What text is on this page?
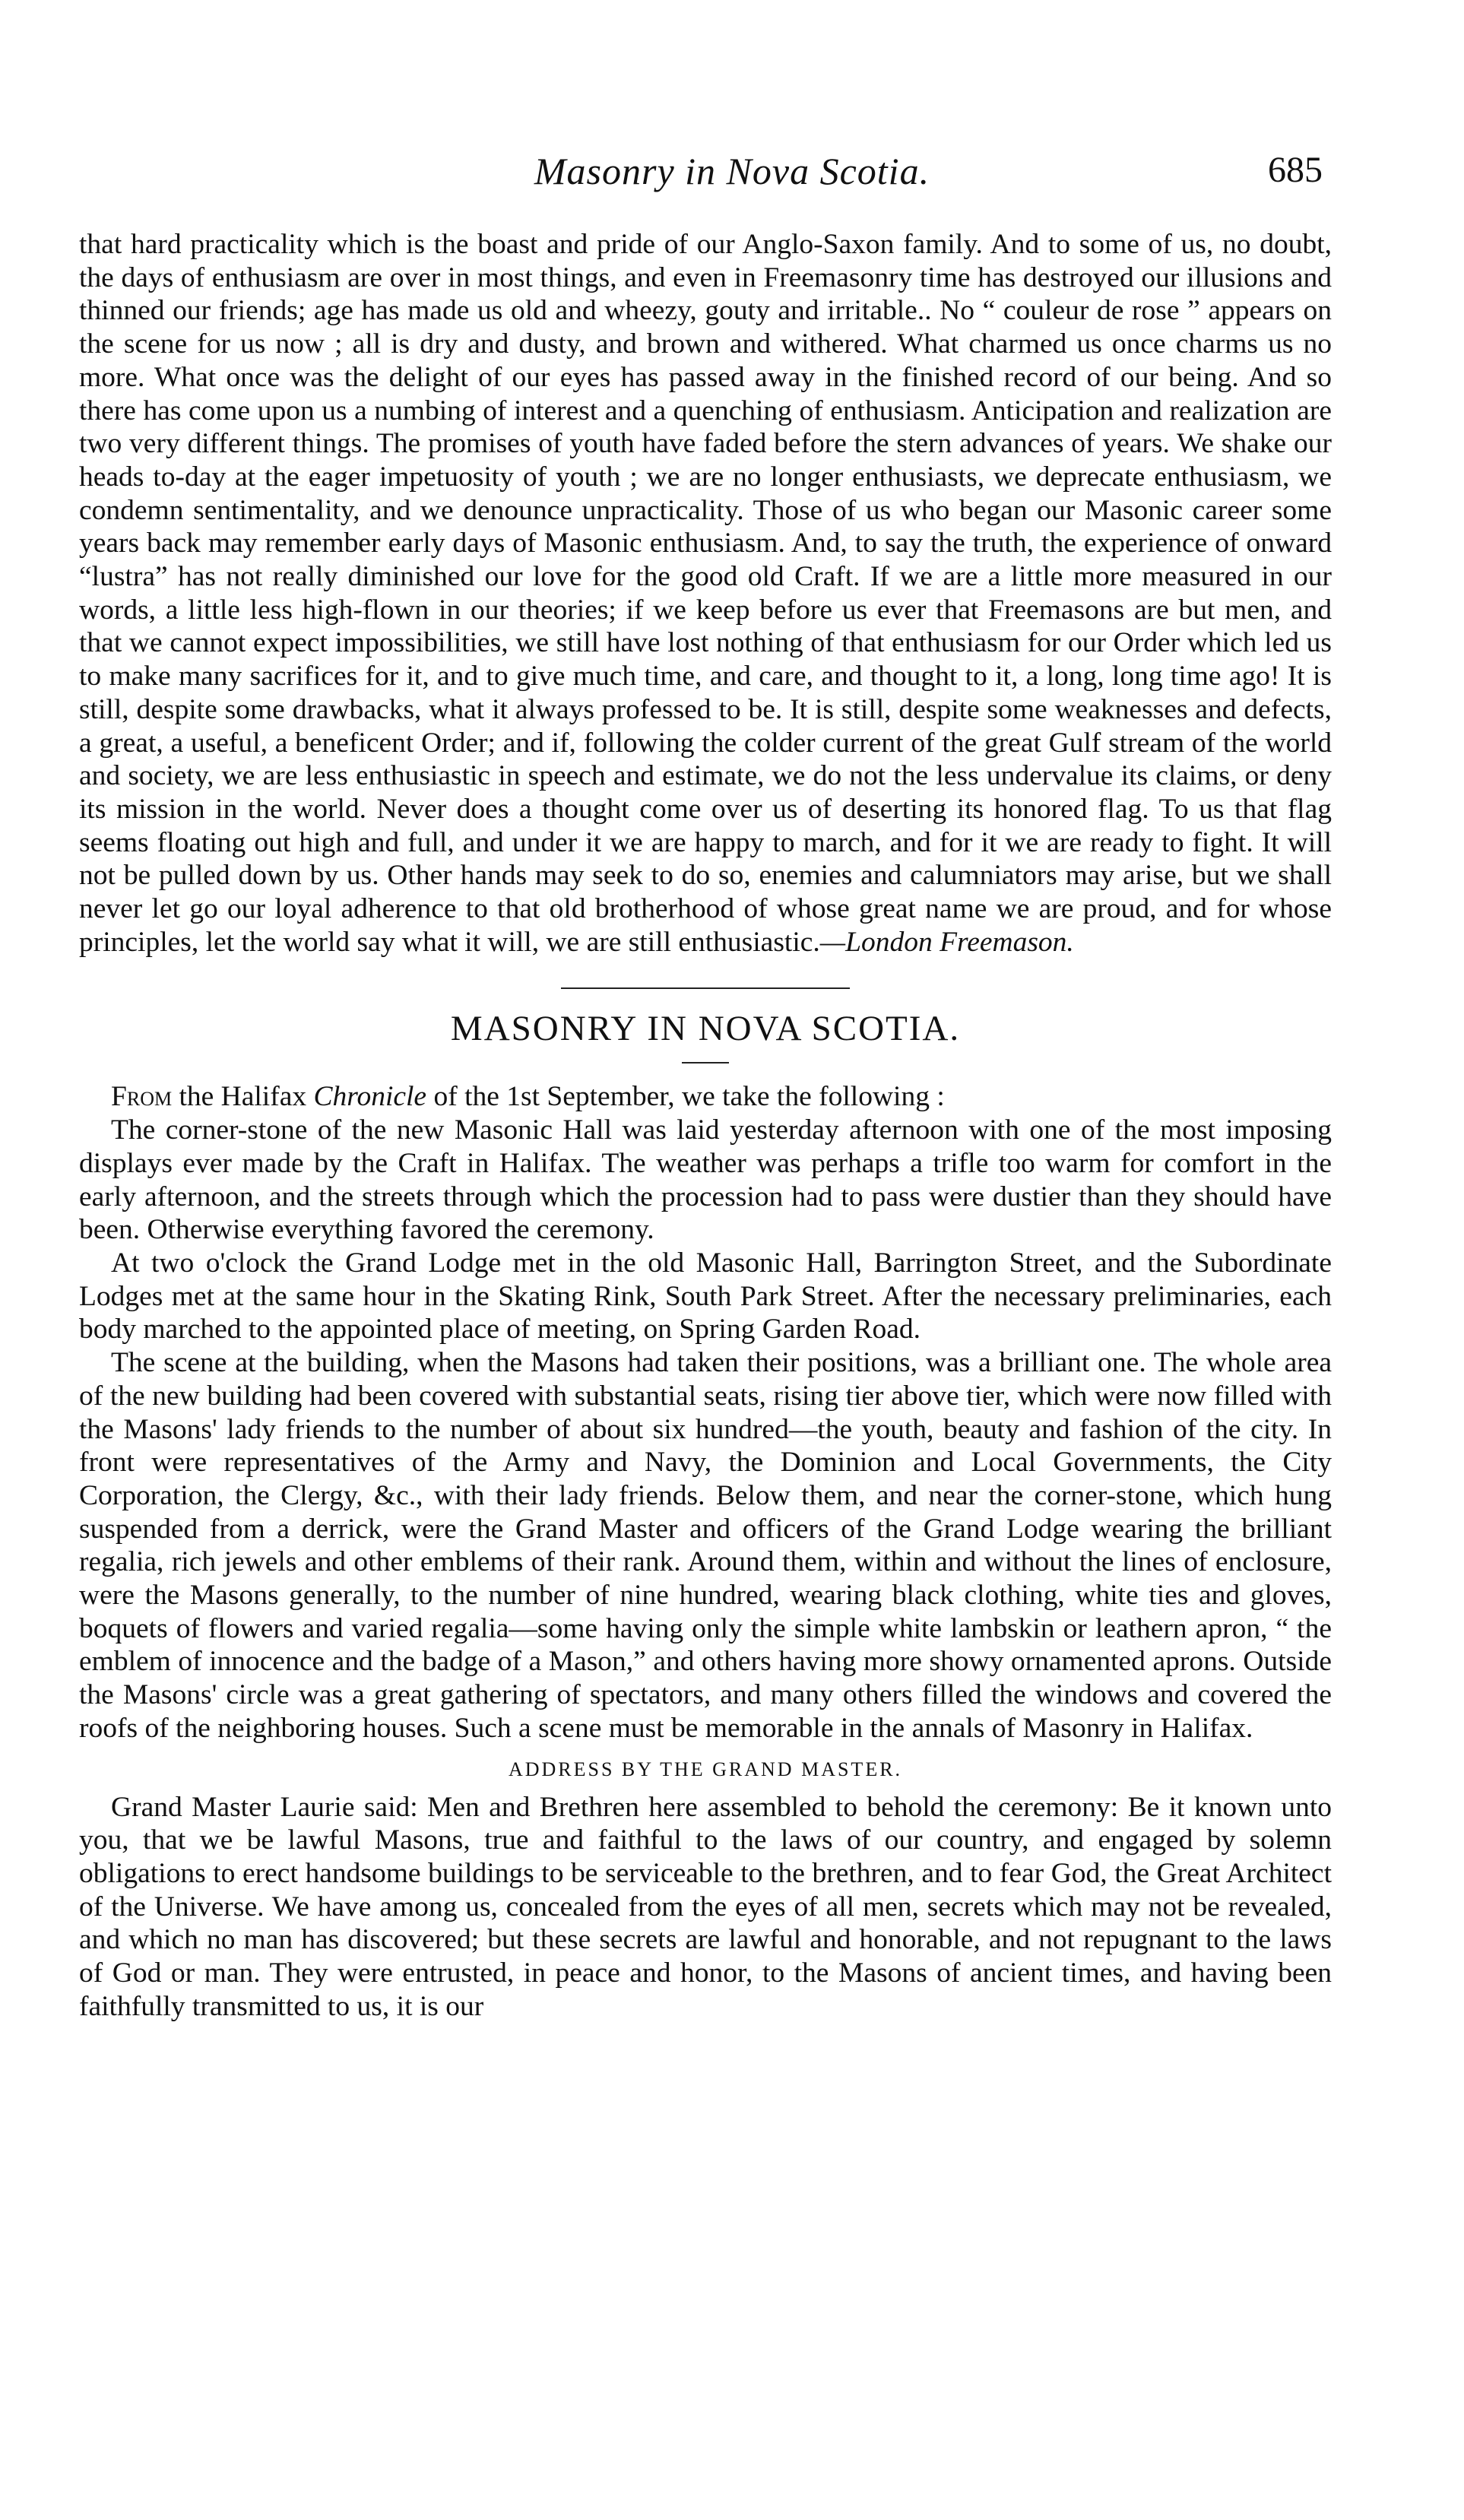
Masonry in Nova Scotia.	685

that hard practicality which is the boast and pride of our Anglo-Saxon family. And to some of us, no doubt, the days of enthusiasm are over in most things, and even in Freemasonry time has destroyed our illusions and thinned our friends; age has made us old and wheezy, gouty and irritable.. No “ couleur de rose ” appears on the scene for us now ; all is dry and dusty, and brown and withered. What charmed us once charms us no more. What once was the delight of our eyes has passed away in the finished record of our being. And so there has come upon us a numbing of interest and a quenching of enthusiasm. Anticipation and realization are two very different things. The promises of youth have faded before the stern advances of years. We shake our heads to-day at the eager impetuosity of youth ; we are no longer enthusiasts, we deprecate enthusiasm, we condemn sentimentality, and we denounce unpracticality. Those of us who began our Masonic career some years back may remember early days of Masonic enthusiasm. And, to say the truth, the experience of onward “lustra” has not really diminished our love for the good old Craft. If we are a little more measured in our words, a little less high-flown in our theories; if we keep before us ever that Freemasons are but men, and that we cannot expect impossibilities, we still have lost nothing of that enthusiasm for our Order which led us to make many sacrifices for it, and to give much time, and care, and thought to it, a long, long time ago! It is still, despite some drawbacks, what it always professed to be. It is still, despite some weaknesses and defects, a great, a useful, a beneficent Order; and if, following the colder current of the great Gulf stream of the world and society, we are less enthusiastic in speech and estimate, we do not the less undervalue its claims, or deny its mission in the world. Never does a thought come over us of deserting its honored flag. To us that flag seems floating out high and full, and under it we are happy to march, and for it we are ready to fight. It will not be pulled down by us. Other hands may seek to do so, enemies and calumniators may arise, but we shall never let go our loyal adherence to that old brotherhood of whose great name we are proud, and for whose principles, let the world say what it will, we are still enthusiastic.—London Freemason.

MASONRY IN NOVA SCOTIA.

From the Halifax Chronicle of the 1st September, we take the following :

The corner-stone of the new Masonic Hall was laid yesterday afternoon with one of the most imposing displays ever made by the Craft in Halifax. The weather was perhaps a trifle too warm for comfort in the early afternoon, and the streets through which the procession had to pass were dustier than they should have been. Otherwise everything favored the ceremony.

At two o'clock the Grand Lodge met in the old Masonic Hall, Barrington Street, and the Subordinate Lodges met at the same hour in the Skating Rink, South Park Street. After the necessary preliminaries, each body marched to the appointed place of meeting, on Spring Garden Road.

The scene at the building, when the Masons had taken their positions, was a brilliant one. The whole area of the new building had been covered with substantial seats, rising tier above tier, which were now filled with the Masons' lady friends to the number of about six hundred—the youth, beauty and fashion of the city. In front were representatives of the Army and Navy, the Dominion and Local Governments, the City Corporation, the Clergy, &c., with their lady friends. Below them, and near the corner-stone, which hung suspended from a derrick, were the Grand Master and officers of the Grand Lodge wearing the brilliant regalia, rich jewels and other emblems of their rank. Around them, within and without the lines of enclosure, were the Masons generally, to the number of nine hundred, wearing black clothing, white ties and gloves, boquets of flowers and varied regalia—some having only the simple white lambskin or leathern apron, “ the emblem of innocence and the badge of a Mason,” and others having more showy ornamented aprons. Outside the Masons' circle was a great gathering of spectators, and many others filled the windows and covered the roofs of the neighboring houses. Such a scene must be memorable in the annals of Masonry in Halifax.

ADDRESS BY THE GRAND MASTER.

Grand Master Laurie said: Men and Brethren here assembled to behold the ceremony: Be it known unto you, that we be lawful Masons, true and faithful to the laws of our country, and engaged by solemn obligations to erect handsome buildings to be serviceable to the brethren, and to fear God, the Great Architect of the Universe. We have among us, concealed from the eyes of all men, secrets which may not be revealed, and which no man has discovered; but these secrets are lawful and honorable, and not repugnant to the laws of God or man. They were entrusted, in peace and honor, to the Masons of ancient times, and having been faithfully transmitted to us, it is our
